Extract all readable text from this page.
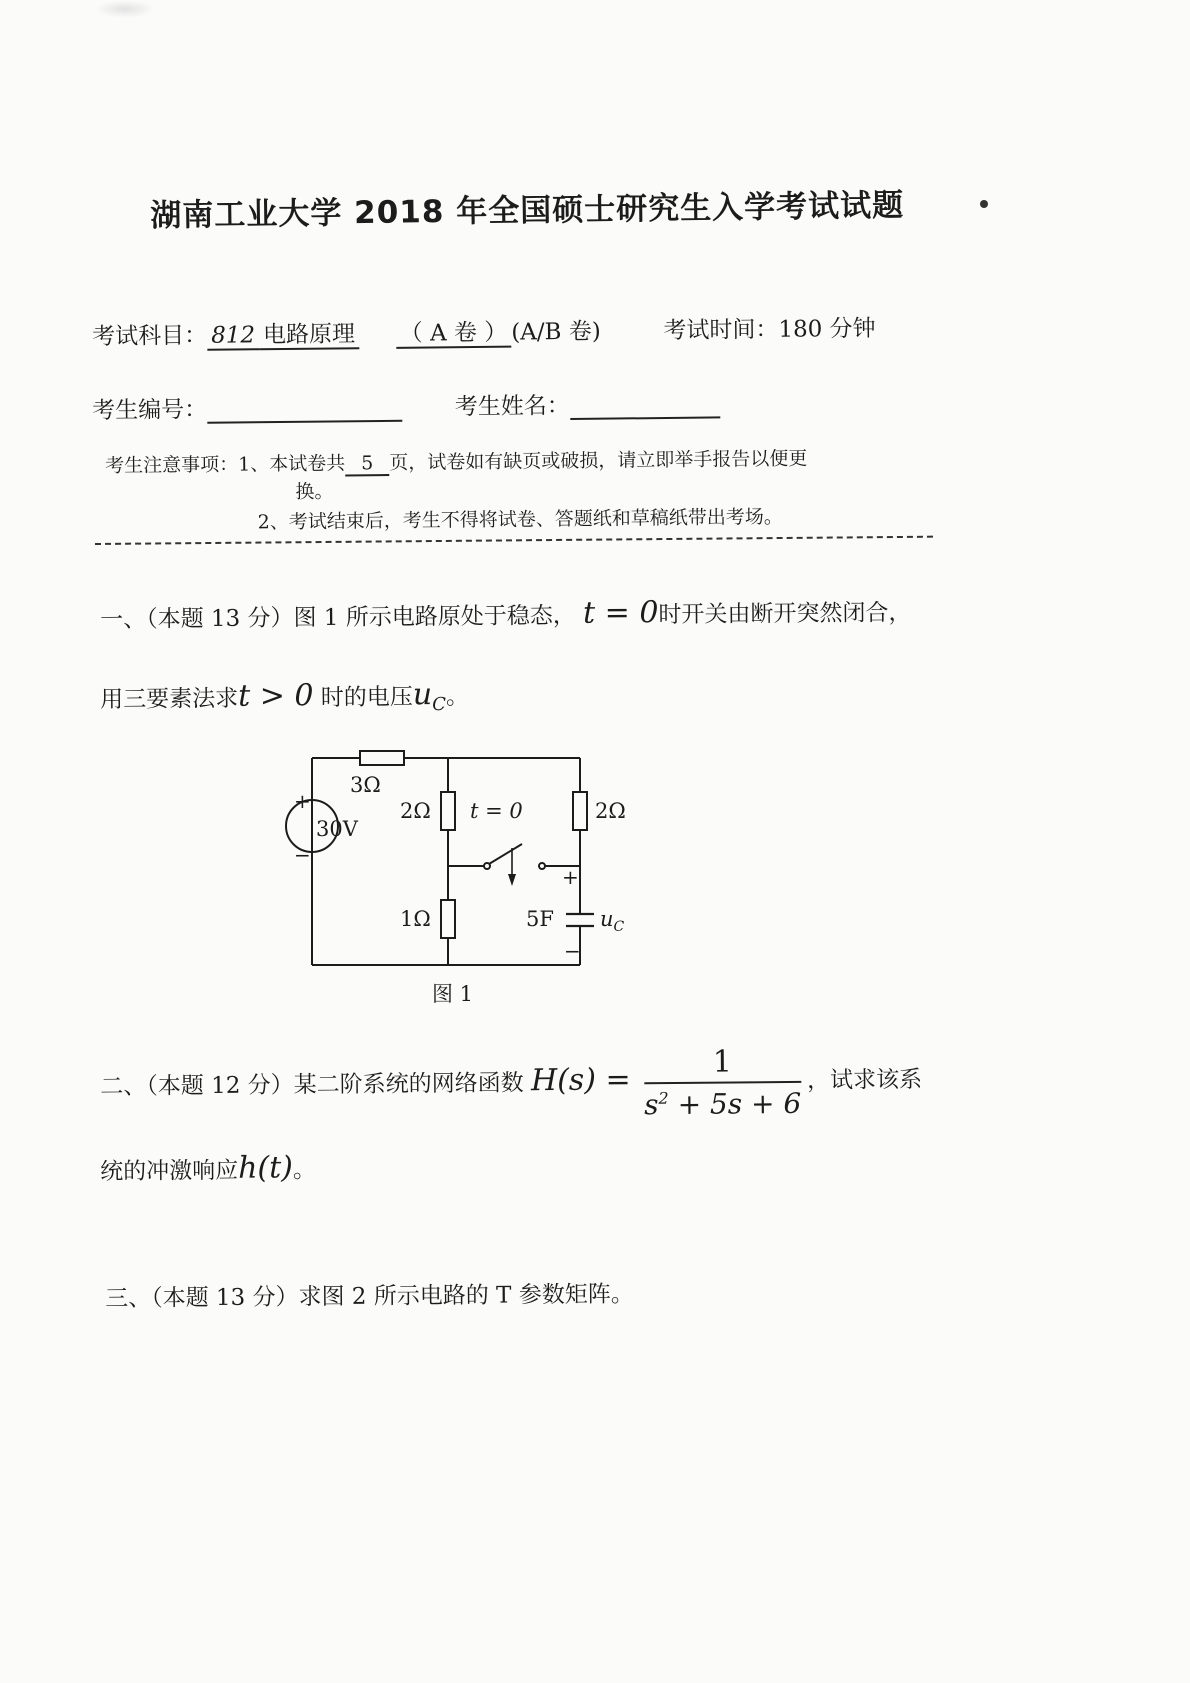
湖南工业大学 2018 年全国硕士研究生入学考试试题
考试科目： 812 电路原理 （ A 卷 ） (A/B 卷)	考试时间：180 分钟
考生编号：	考生姓名：
考生注意事项：1、本试卷共 5 页，试卷如有缺页或破损，请立即举手报告以便更
换。
2、考试结束后，考生不得将试卷、答题纸和草稿纸带出考场。
一、（本题 13 分）图 1 所示电路原处于稳态， t = 0时开关由断开突然闭合，
用三要素法求t > 0 时的电压$u_C$。
3Ω
2Ω t = 0	2Ω
+
30V
−
+
1Ω	5F $u_C$
−
图 1
二、（本题 12 分）某二阶系统的网络函数 $H(s) = \frac{1}{s^2 + 5s + 6}$ ，试求该系
统的冲激响应h(t)。
三、（本题 13 分）求图 2 所示电路的 T 参数矩阵。
